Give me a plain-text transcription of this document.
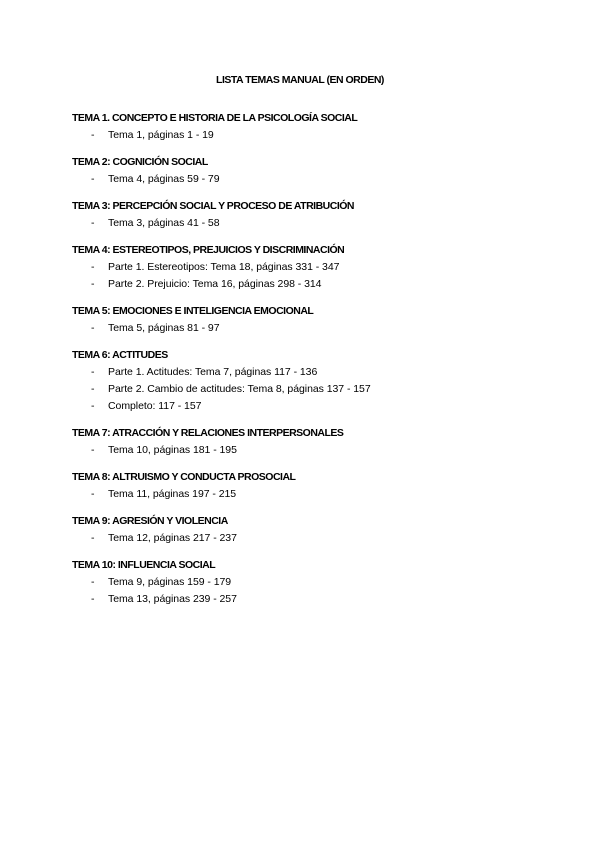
LISTA TEMAS MANUAL (EN ORDEN)
TEMA 1. CONCEPTO E HISTORIA DE LA PSICOLOGÍA SOCIAL
-	Tema 1, páginas 1 - 19
TEMA 2: COGNICIÓN SOCIAL
-	Tema 4, páginas 59 - 79
TEMA 3: PERCEPCIÓN SOCIAL Y PROCESO DE ATRIBUCIÓN
-	Tema 3, páginas 41 - 58
TEMA 4: ESTEREOTIPOS, PREJUICIOS Y DISCRIMINACIÓN
-	Parte 1. Estereotipos: Tema 18, páginas 331 - 347
-	Parte 2. Prejuicio: Tema 16, páginas 298 - 314
TEMA 5: EMOCIONES E INTELIGENCIA EMOCIONAL
-	Tema 5, páginas 81 - 97
TEMA 6: ACTITUDES
-	Parte 1. Actitudes: Tema 7, páginas 117 - 136
-	Parte 2. Cambio de actitudes: Tema 8, páginas 137 - 157
-	Completo: 117 - 157
TEMA 7: ATRACCIÓN Y RELACIONES INTERPERSONALES
-	Tema 10, páginas 181 - 195
TEMA 8: ALTRUISMO Y CONDUCTA PROSOCIAL
-	Tema 11, páginas 197 - 215
TEMA 9: AGRESIÓN Y VIOLENCIA
-	Tema 12, páginas 217 - 237
TEMA 10: INFLUENCIA SOCIAL
-	Tema 9, páginas 159 - 179
-	Tema 13, páginas 239 - 257
